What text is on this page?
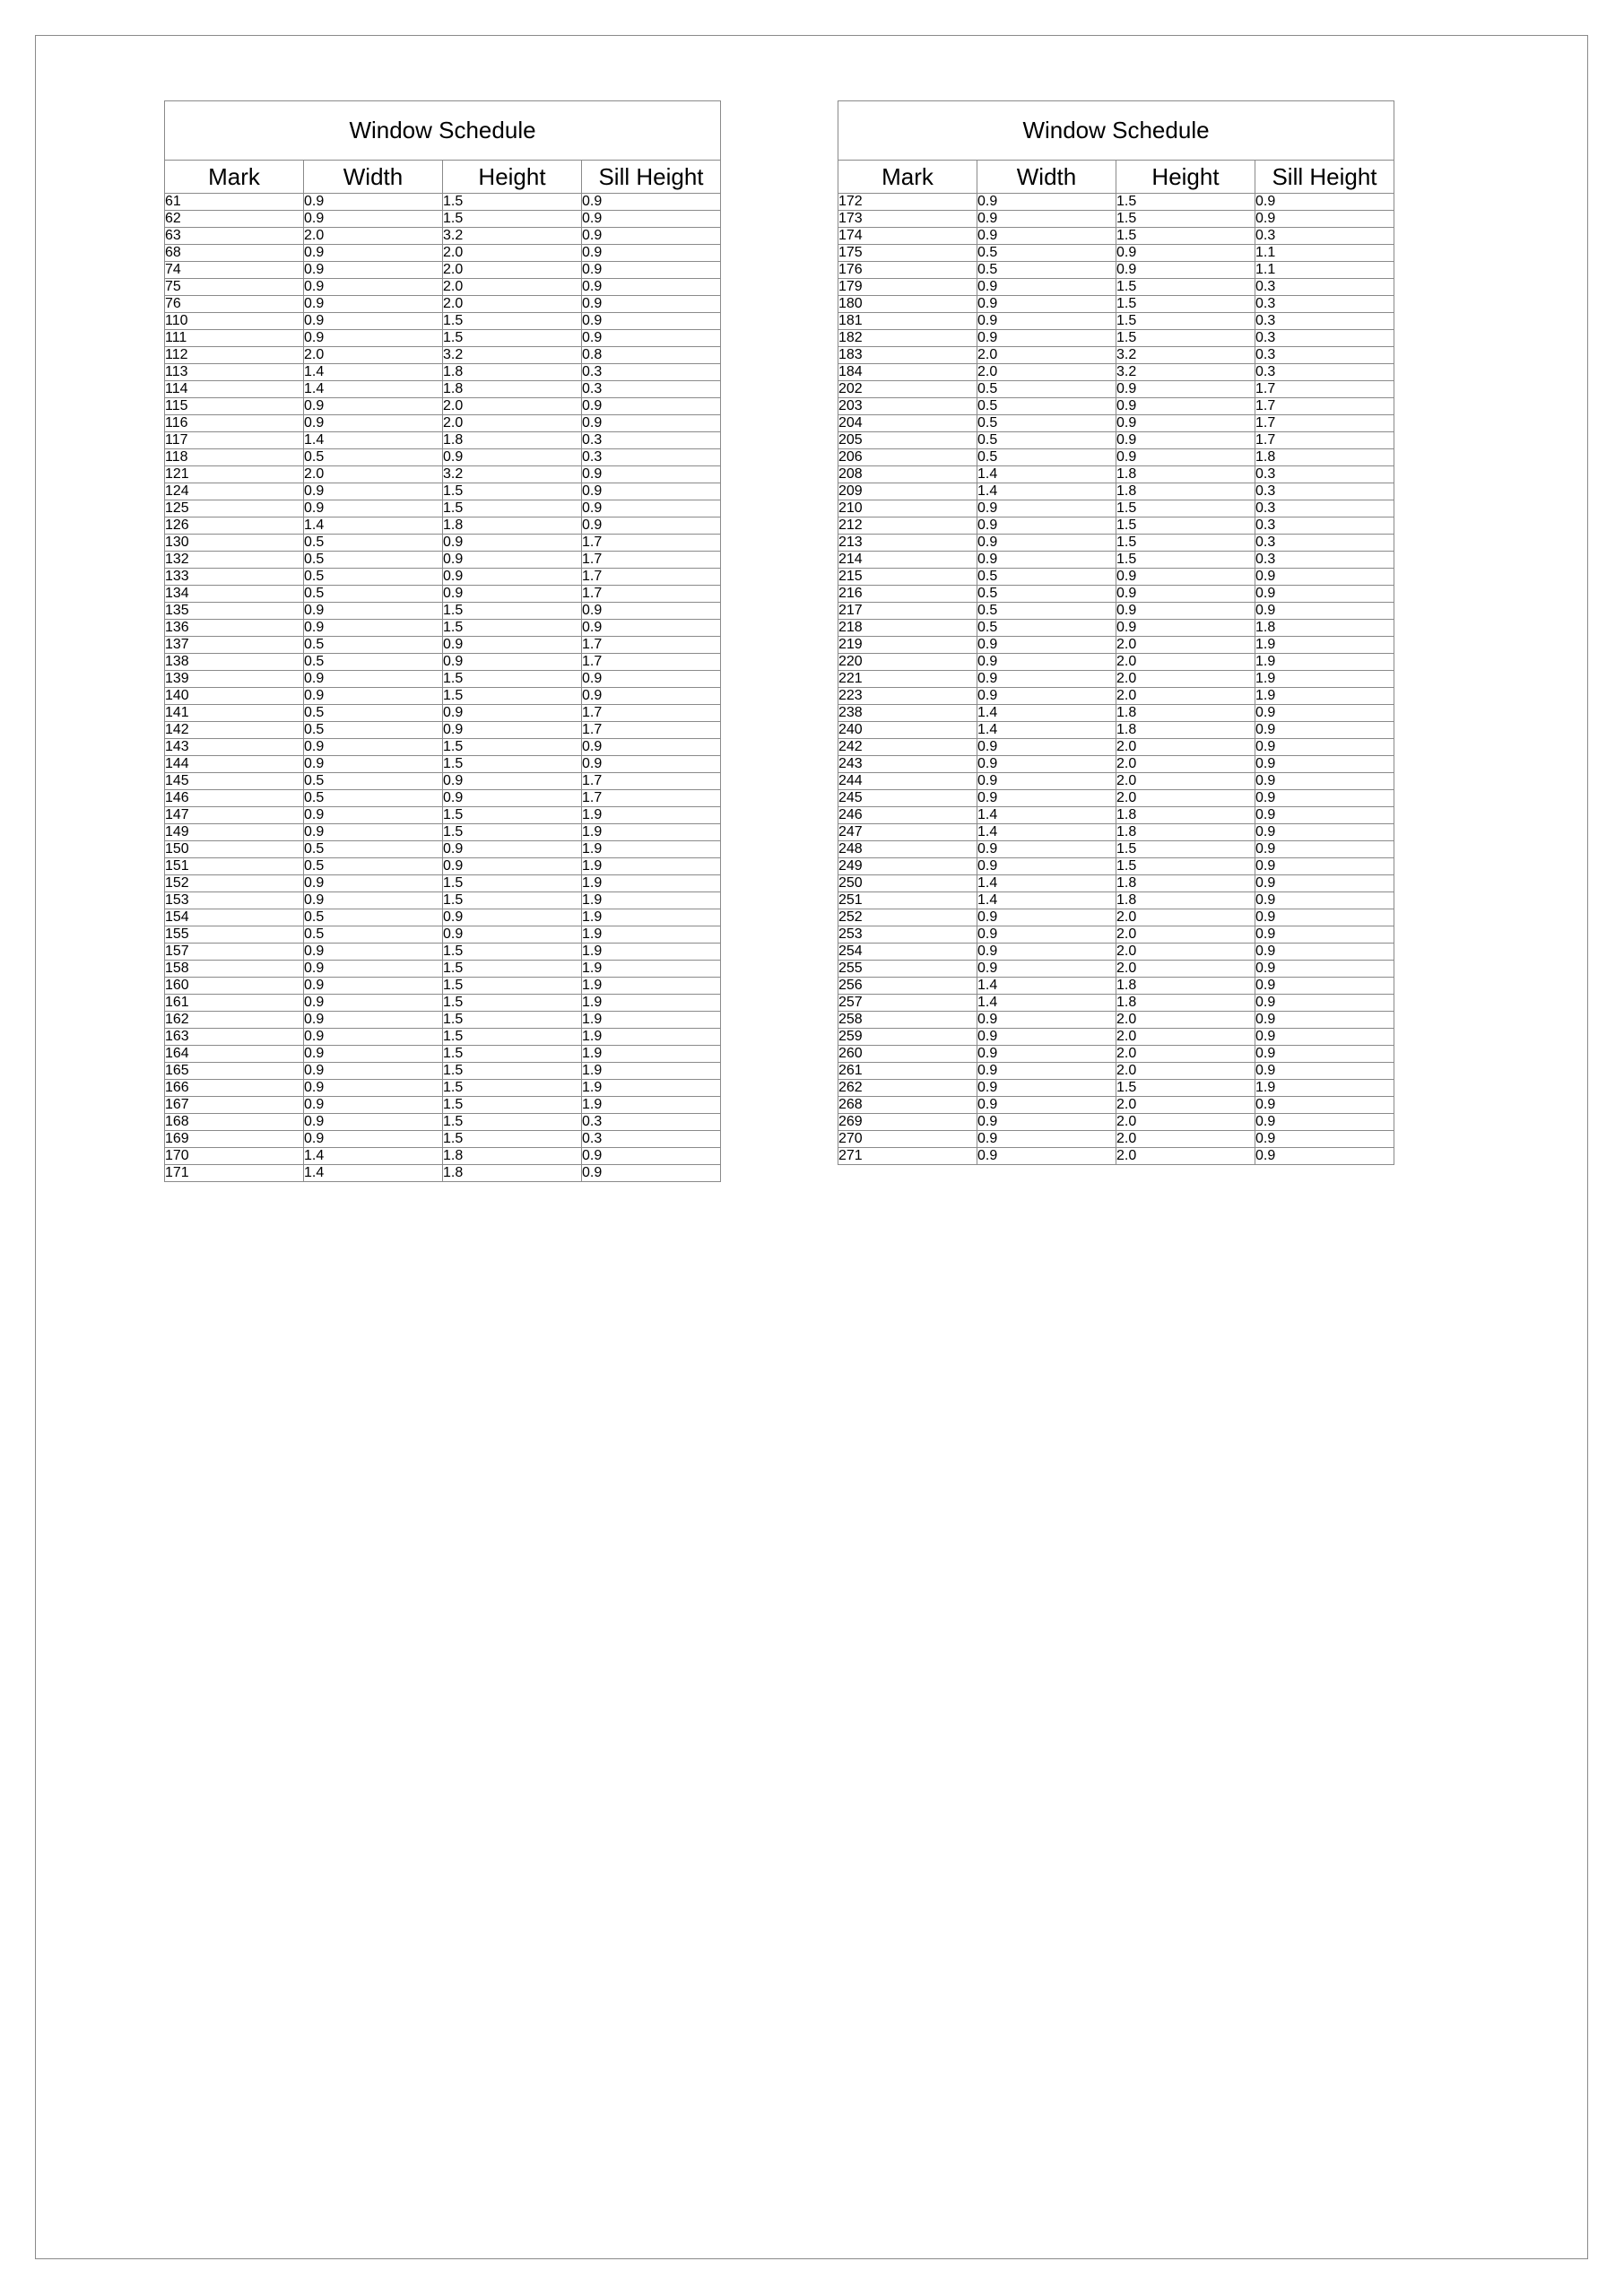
Window Schedule			
Mark	Width	Height	Sill Height
61	0.9	1.5	0.9
62	0.9	1.5	0.9
63	2.0	3.2	0.9
68	0.9	2.0	0.9
74	0.9	2.0	0.9
75	0.9	2.0	0.9
76	0.9	2.0	0.9
110	0.9	1.5	0.9
111	0.9	1.5	0.9
112	2.0	3.2	0.8
113	1.4	1.8	0.3
114	1.4	1.8	0.3
115	0.9	2.0	0.9
116	0.9	2.0	0.9
117	1.4	1.8	0.3
118	0.5	0.9	0.3
121	2.0	3.2	0.9
124	0.9	1.5	0.9
125	0.9	1.5	0.9
126	1.4	1.8	0.9
130	0.5	0.9	1.7
132	0.5	0.9	1.7
133	0.5	0.9	1.7
134	0.5	0.9	1.7
135	0.9	1.5	0.9
136	0.9	1.5	0.9
137	0.5	0.9	1.7
138	0.5	0.9	1.7
139	0.9	1.5	0.9
140	0.9	1.5	0.9
141	0.5	0.9	1.7
142	0.5	0.9	1.7
143	0.9	1.5	0.9
144	0.9	1.5	0.9
145	0.5	0.9	1.7
146	0.5	0.9	1.7
147	0.9	1.5	1.9
149	0.9	1.5	1.9
150	0.5	0.9	1.9
151	0.5	0.9	1.9
152	0.9	1.5	1.9
153	0.9	1.5	1.9
154	0.5	0.9	1.9
155	0.5	0.9	1.9
157	0.9	1.5	1.9
158	0.9	1.5	1.9
160	0.9	1.5	1.9
161	0.9	1.5	1.9
162	0.9	1.5	1.9
163	0.9	1.5	1.9
164	0.9	1.5	1.9
165	0.9	1.5	1.9
166	0.9	1.5	1.9
167	0.9	1.5	1.9
168	0.9	1.5	0.3
169	0.9	1.5	0.3
170	1.4	1.8	0.9
171	1.4	1.8	0.9
Window Schedule			
Mark	Width	Height	Sill Height
172	0.9	1.5	0.9
173	0.9	1.5	0.9
174	0.9	1.5	0.3
175	0.5	0.9	1.1
176	0.5	0.9	1.1
179	0.9	1.5	0.3
180	0.9	1.5	0.3
181	0.9	1.5	0.3
182	0.9	1.5	0.3
183	2.0	3.2	0.3
184	2.0	3.2	0.3
202	0.5	0.9	1.7
203	0.5	0.9	1.7
204	0.5	0.9	1.7
205	0.5	0.9	1.7
206	0.5	0.9	1.8
208	1.4	1.8	0.3
209	1.4	1.8	0.3
210	0.9	1.5	0.3
212	0.9	1.5	0.3
213	0.9	1.5	0.3
214	0.9	1.5	0.3
215	0.5	0.9	0.9
216	0.5	0.9	0.9
217	0.5	0.9	0.9
218	0.5	0.9	1.8
219	0.9	2.0	1.9
220	0.9	2.0	1.9
221	0.9	2.0	1.9
223	0.9	2.0	1.9
238	1.4	1.8	0.9
240	1.4	1.8	0.9
242	0.9	2.0	0.9
243	0.9	2.0	0.9
244	0.9	2.0	0.9
245	0.9	2.0	0.9
246	1.4	1.8	0.9
247	1.4	1.8	0.9
248	0.9	1.5	0.9
249	0.9	1.5	0.9
250	1.4	1.8	0.9
251	1.4	1.8	0.9
252	0.9	2.0	0.9
253	0.9	2.0	0.9
254	0.9	2.0	0.9
255	0.9	2.0	0.9
256	1.4	1.8	0.9
257	1.4	1.8	0.9
258	0.9	2.0	0.9
259	0.9	2.0	0.9
260	0.9	2.0	0.9
261	0.9	2.0	0.9
262	0.9	1.5	1.9
268	0.9	2.0	0.9
269	0.9	2.0	0.9
270	0.9	2.0	0.9
271	0.9	2.0	0.9
